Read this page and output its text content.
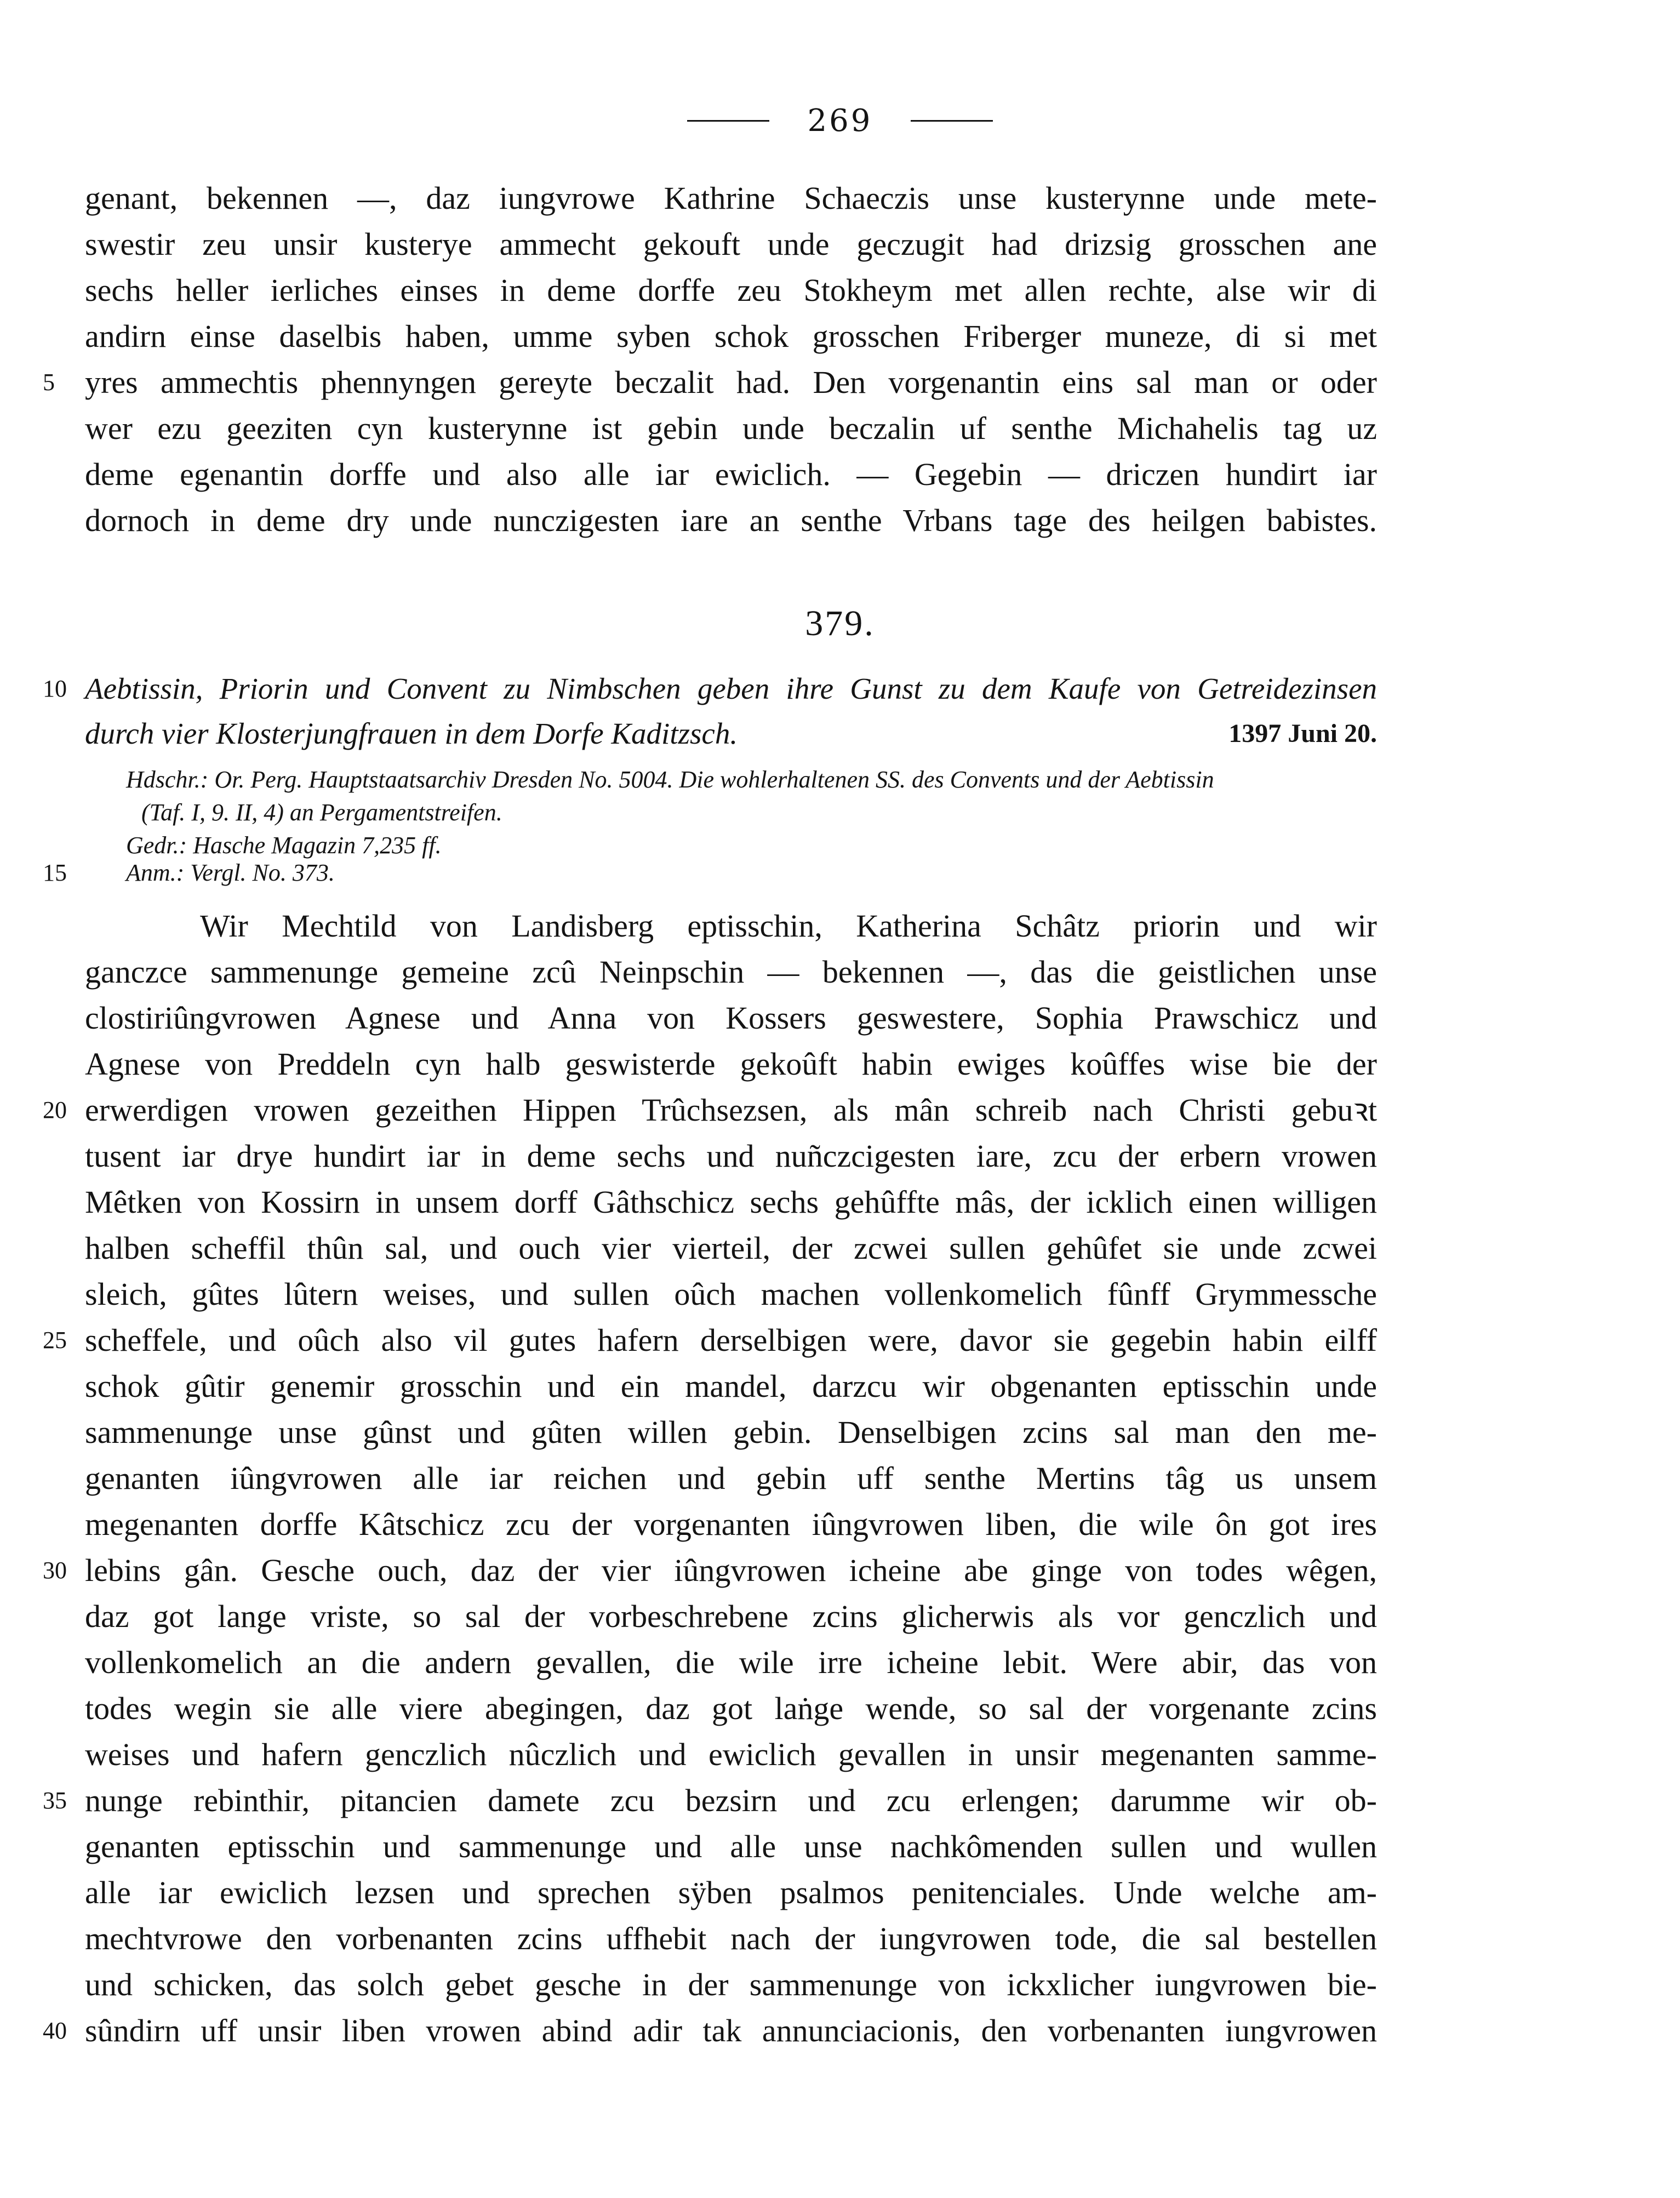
269
genant, bekennen —, daz iungvrowe Kathrine Schaeczis unse kusterynne unde mete-
swestir zeu unsir kusterye ammecht gekouft unde geczugit had drizsig grosschen ane
sechs heller ierliches einses in deme dorffe zeu Stokheym met allen rechte, alse wir di
andirn einse daselbis haben, umme syben schok grosschen Friberger muneze, di si met
5 yres ammechtis phennyngen gereyte beczalit had. Den vorgenantin eins sal man or oder
wer ezu geeziten cyn kusterynne ist gebin unde beczalin uf senthe Michahelis tag uz
deme egenantin dorffe und also alle iar ewiclich. — Gegebin — driczen hundirt iar
dornoch in deme dry unde nunczigesten iare an senthe Vrbans tage des heilgen babistes.
379.
10 Aebtissin, Priorin und Convent zu Nimbschen geben ihre Gunst zu dem Kaufe von Getreidezinsen
durch vier Klosterjungfrauen in dem Dorfe Kaditzsch.	1397 Juni 20.
Hdschr.: Or. Perg. Hauptstaatsarchiv Dresden No. 5004. Die wohlerhaltenen SS. des Convents und der Aebtissin
(Taf. I, 9. II, 4) an Pergamentstreifen.
Gedr.: Hasche Magazin 7,235 ff.
15	Anm.: Vergl. No. 373.
Wir Mechtild von Landisberg eptisschin, Katherina Schâtz priorin und wir
ganczce sammenunge gemeine zcû Neinpschin — bekennen —, das die geistlichen unse
clostiriûngvrowen Agnese und Anna von Kossers geswestere, Sophia Prawschicz und
Agnese von Preddeln cyn halb geswisterde gekoûft habin ewiges koûffes wise bie der
20 erwerdigen vrowen gezeithen Hippen Trûchsezsen, als mân schreib nach Christi gebuꝛt
tusent iar drye hundirt iar in deme sechs und nuñczcigesten iare, zcu der erbern vrowen
Mêtken von Kossirn in unsem dorff Gâthschicz sechs gehûffte mâs, der icklich einen willigen
halben scheffil thûn sal, und ouch vier vierteil, der zcwei sullen gehûfet sie unde zcwei
sleich, gûtes lûtern weises, und sullen oûch machen vollenkomelich fûnff Grymmessche
25 scheffele, und oûch also vil gutes hafern derselbigen were, davor sie gegebin habin eilff
schok gûtir genemir grosschin und ein mandel, darzcu wir obgenanten eptisschin unde
sammenunge unse gûnst und gûten willen gebin. Denselbigen zcins sal man den me-
genanten iûngvrowen alle iar reichen und gebin uff senthe Mertins tâg us unsem
megenanten dorffe Kâtschicz zcu der vorgenanten iûngvrowen liben, die wile ôn got ires
30 lebins gân. Gesche ouch, daz der vier iûngvrowen icheine abe ginge von todes wêgen,
daz got lange vriste, so sal der vorbeschrebene zcins glicherwis als vor genczlich und
vollenkomelich an die andern gevallen, die wile irre icheine lebit. Were abir, das von
todes wegin sie alle viere abegingen, daz got laṅge wende, so sal der vorgenante zcins
weises und hafern genczlich nûczlich und ewiclich gevallen in unsir megenanten samme-
35 nunge rebinthir, pitancien damete zcu bezsirn und zcu erlengen; darumme wir ob-
genanten eptisschin und sammenunge und alle unse nachkômenden sullen und wullen
alle iar ewiclich lezsen und sprechen sÿben psalmos penitenciales. Unde welche am-
mechtvrowe den vorbenanten zcins uffhebit nach der iungvrowen tode, die sal bestellen
und schicken, das solch gebet gesche in der sammenunge von ickxlicher iungvrowen bie-
40 sûndirn uff unsir liben vrowen abind adir tak annunciacionis, den vorbenanten iungvrowen
